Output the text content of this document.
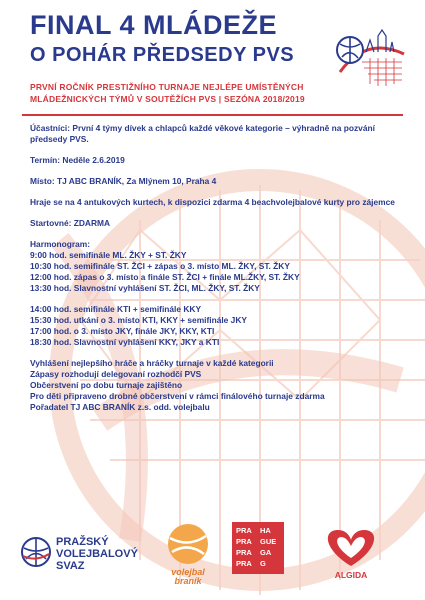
FINAL 4 MLÁDEŽE
O POHÁR PŘEDSEDY PVS
PRVNÍ ROČNÍK PRESTIŽNÍHO TURNAJE NEJLÉPE UMÍSTĚNÝCH
MLÁDEŽNICKÝCH TÝMŮ V SOUTĚŽÍCH PVS | SEZÓNA 2018/2019

Účastníci: První 4 týmy dívek a chlapců každé věkové kategorie – výhradně na pozvání předsedy PVS.

Termín: Neděle 2.6.2019

Místo: TJ ABC BRANÍK, Za Mlýnem 10, Praha 4

Hraje se na 4 antukových kurtech, k dispozici zdarma 4 beachvolejbalové kurty pro zájemce

Startovné: ZDARMA

Harmonogram:

9:00 hod. semifinále ML. ŽKY + ST. ŽKY

10:30 hod. semifinále ST. ŽCI + zápas o 3. místo ML. ŽKY, ST. ŽKY

12:00 hod. zápas o 3. místo a finále ST. ŽCI + finále ML.ŽKY, ST. ŽKY

13:30 hod. Slavnostní vyhlášení ST. ŽCI, ML. ŽKY, ST. ŽKY

14:00 hod. semifinále KTI + semifinále KKY

15:30 hod. utkání o 3. místo KTI, KKY + semifinále JKY

17:00 hod. o 3. místo JKY, finále JKY, KKY, KTI

18:30 hod. Slavnostní vyhlášení KKY, JKY a KTI

Vyhlášení nejlepšího hráče a hráčky turnaje v každé kategorii

Zápasy rozhodují delegovaní rozhodčí PVS

Občerstvení po dobu turnaje zajištěno

Pro děti připraveno drobné občerstvení v rámci finálového turnaje zdarma

Pořadatel TJ ABC BRANÍK z.s. odd. volejbalu

PRAŽSKÝ
VOLEJBALOVÝ
SVAZ	volejbal
braník
PRA
PRA
PRA
PRA
HA
GUE
GA
G
ALGIDA
